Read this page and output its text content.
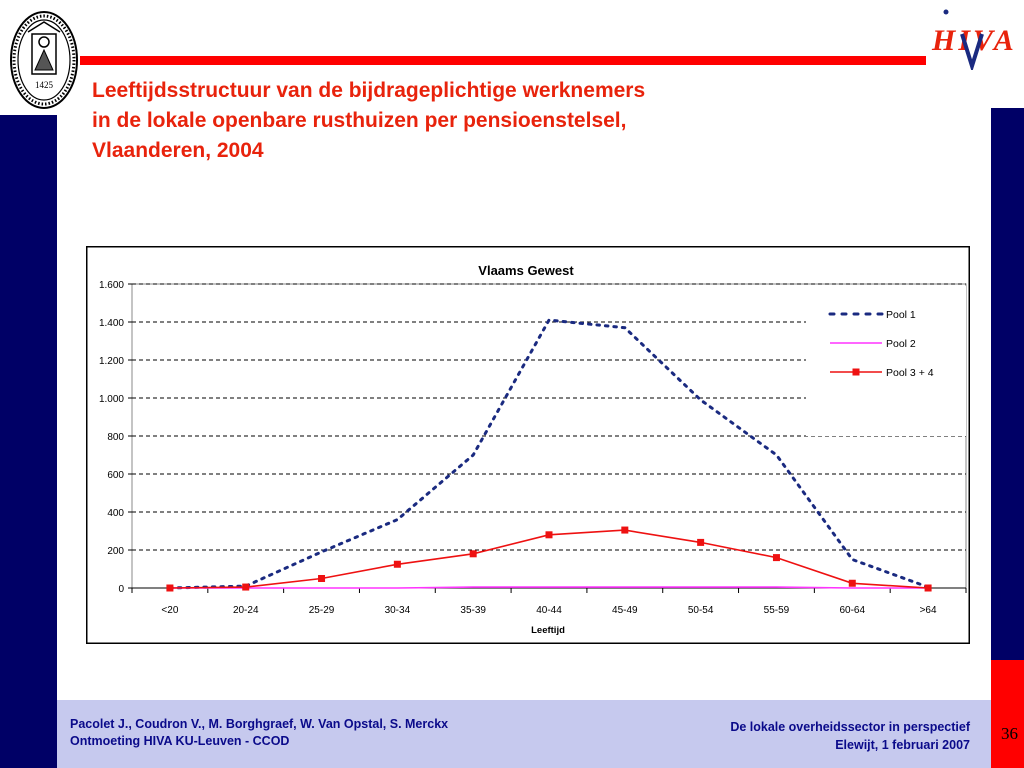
1425
HIVA
Leeftijdsstructuur van de bijdrageplichtige werknemers
in de lokale openbare rusthuizen per pensioenstelsel,
Vlaanderen, 2004
0
200
400
600
800
1.000
1.200
1.400
1.600
<20	20-24	25-29	30-34	35-39	40-44	45-49	50-54	55-59	60-64	>64
Pool 1
Pool 2
Pool 3 + 4
Vlaams Gewest
Leeftijd
Pacolet J., Coudron V., M. Borghgraef, W. Van Opstal, S. Merckx
Ontmoeting HIVA KU-Leuven - CCOD
De lokale overheidssector in perspectief
Elewijt, 1 februari 2007
36
